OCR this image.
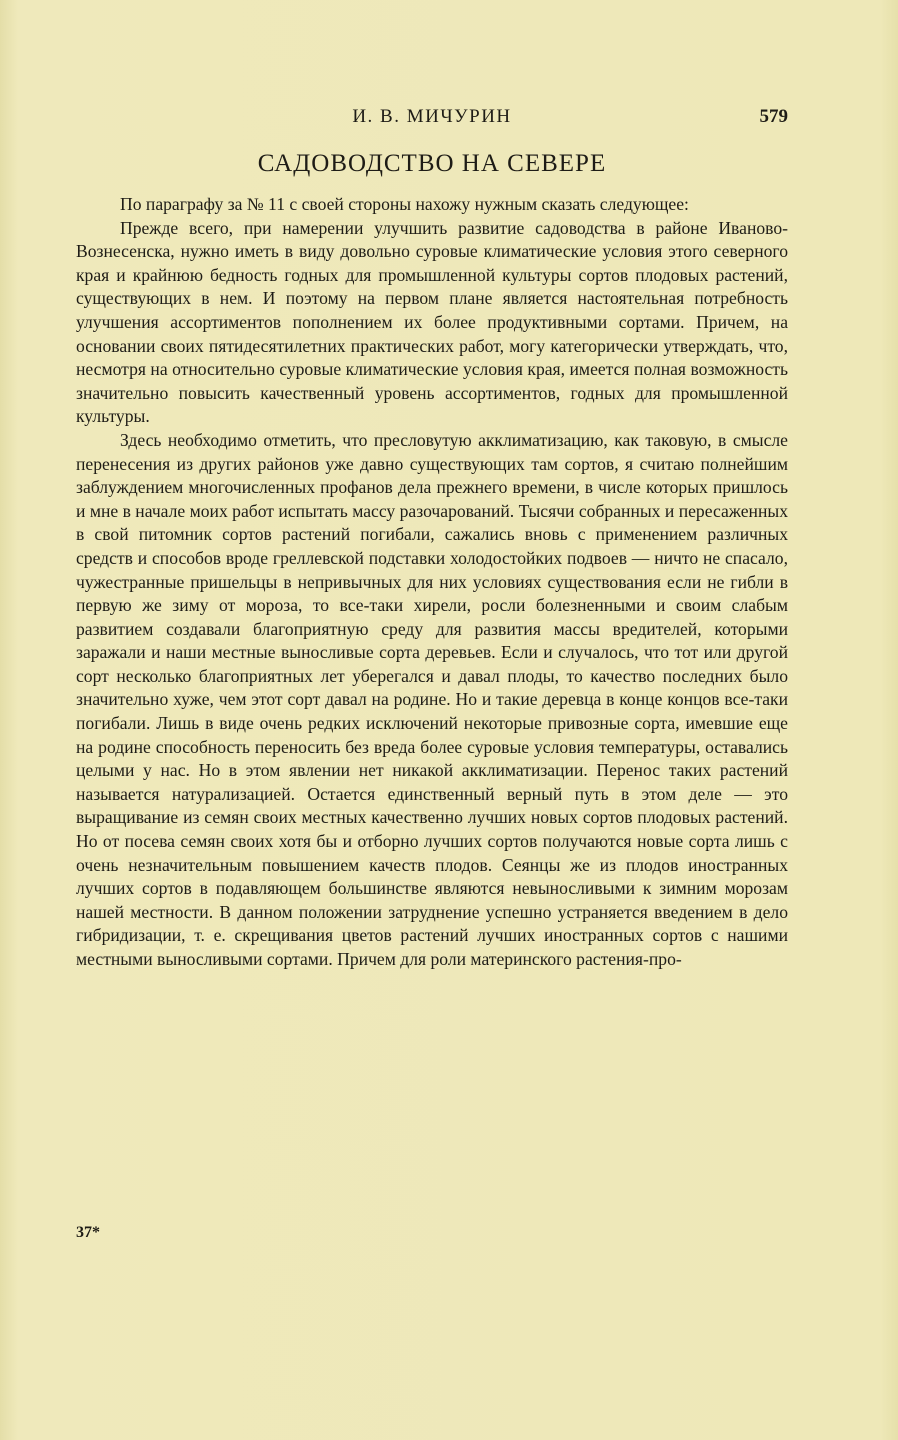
И. В. МИЧУРИН	579
САДОВОДСТВО НА СЕВЕРЕ

По параграфу за № 11 с своей стороны нахожу нужным сказать следующее:

Прежде всего, при намерении улучшить развитие садоводства в районе Иваново-Вознесенска, нужно иметь в виду довольно суровые климатические условия этого северного края и крайнюю бедность годных для промышленной культуры сортов плодовых растений, существующих в нем. И поэтому на первом плане является настоятельная потребность улучшения ассортиментов пополнением их более продуктивными сортами. Причем, на основании своих пятидесятилетних практических работ, могу категорически утверждать, что, несмотря на относительно суровые климатические условия края, имеется полная возможность значительно повысить качественный уровень ассортиментов, годных для промышленной культуры.

Здесь необходимо отметить, что пресловутую акклиматизацию, как таковую, в смысле перенесения из других районов уже давно существующих там сортов, я считаю полнейшим заблуждением многочисленных профанов дела прежнего времени, в числе которых пришлось и мне в начале моих работ испытать массу разочарований. Тысячи собранных и пересаженных в свой питомник сортов растений погибали, сажались вновь с применением различных средств и способов вроде греллевской подставки холодостойких подвоев — ничто не спасало, чужестранные пришельцы в непривычных для них условиях существования если не гибли в первую же зиму от мороза, то все-таки хирели, росли болезненными и своим слабым развитием создавали благоприятную среду для развития массы вредителей, которыми заражали и наши местные выносливые сорта деревьев. Если и случалось, что тот или другой сорт несколько благоприятных лет уберегался и давал плоды, то качество последних было значительно хуже, чем этот сорт давал на родине. Но и такие деревца в конце концов все-таки погибали. Лишь в виде очень редких исключений некоторые привозные сорта, имевшие еще на родине способность переносить без вреда более суровые условия температуры, оставались целыми у нас. Но в этом явлении нет никакой акклиматизации. Перенос таких растений называется натурализацией. Остается единственный верный путь в этом деле — это выращивание из семян своих местных качественно лучших новых сортов плодовых растений. Но от посева семян своих хотя бы и отборно лучших сортов получаются новые сорта лишь с очень незначительным повышением качеств плодов. Сеянцы же из плодов иностранных лучших сортов в подавляющем большинстве являются невыносливыми к зимним морозам нашей местности. В данном положении затруднение успешно устраняется введением в дело гибридизации, т. е. скрещивания цветов растений лучших иностранных сортов с нашими местными выносливыми сортами. Причем для роли материнского растения-про-

37*
